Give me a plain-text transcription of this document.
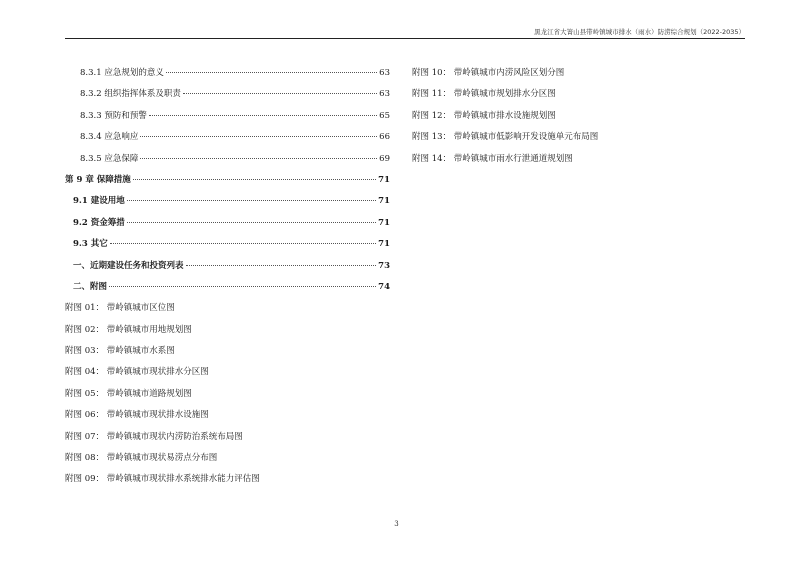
黑龙江省大箐山县带岭镇城市排水（雨水）防涝综合规划（2022-2035）
8.3.1 应急规划的意义	63
8.3.2 组织指挥体系及职责	63
8.3.3 预防和预警	65
8.3.4 应急响应	66
8.3.5 应急保障	69
第 9 章 保障措施	71
9.1 建设用地	71
9.2 资金筹措	71
9.3 其它	71
一、近期建设任务和投资列表	73
二、附图	74
附图 01： 带岭镇城市区位图
附图 02： 带岭镇城市用地规划图
附图 03： 带岭镇城市水系图
附图 04： 带岭镇城市现状排水分区图
附图 05： 带岭镇城市道路规划图
附图 06： 带岭镇城市现状排水设施图
附图 07： 带岭镇城市现状内涝防治系统布局图
附图 08： 带岭镇城市现状易涝点分布图
附图 09： 带岭镇城市现状排水系统排水能力评估图
附图 10： 带岭镇城市内涝风险区划分图
附图 11： 带岭镇城市规划排水分区图
附图 12： 带岭镇城市排水设施规划图
附图 13： 带岭镇城市低影响开发设施单元布局图
附图 14： 带岭镇城市雨水行泄通道规划图
3
